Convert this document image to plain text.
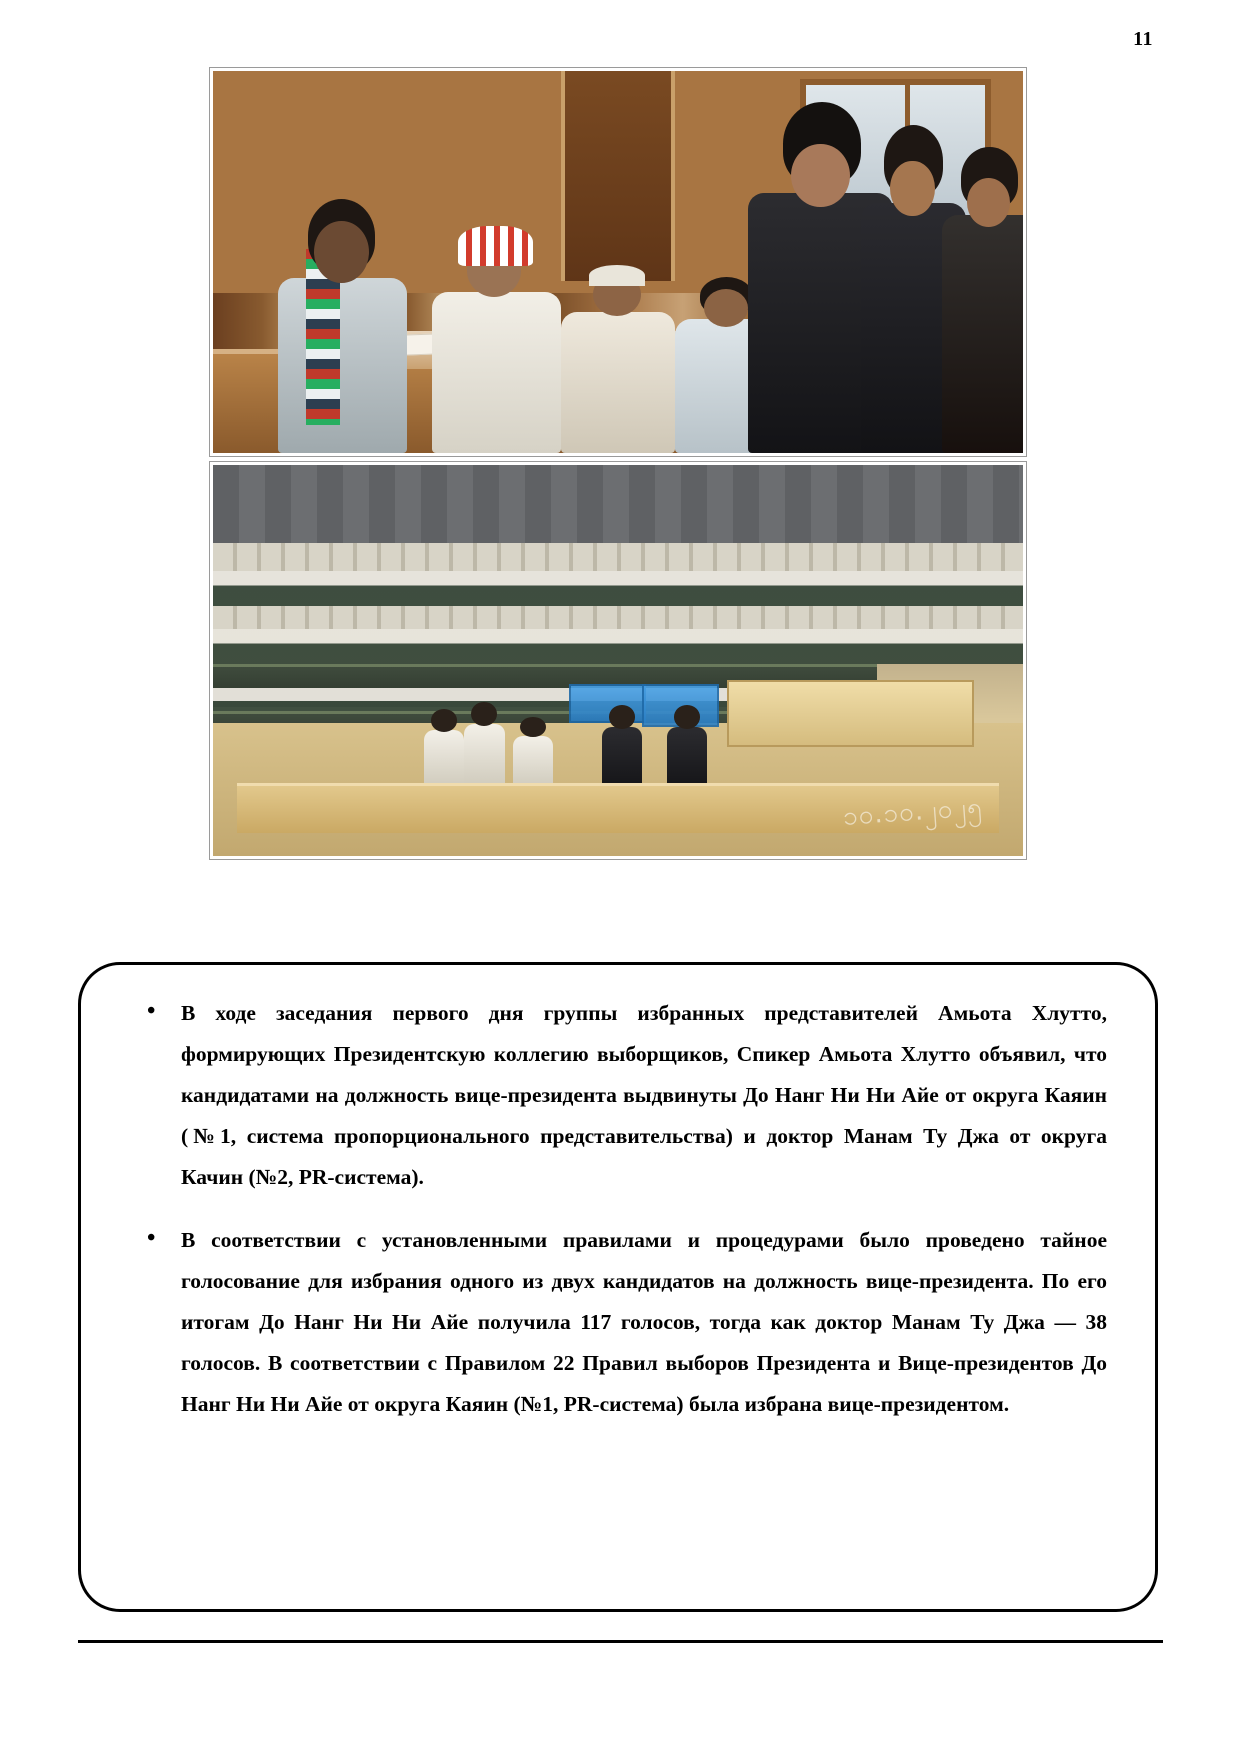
11
၁၀.၁၀.၂၀၂၅
• В ходе заседания первого дня группы избранных представителей Амьота Хлутто, формирующих Президентскую коллегию выборщиков, Спикер Амьота Хлутто объявил, что кандидатами на должность вице-президента выдвинуты До Нанг Ни Ни Айе от округа Каяин (№1, система пропорционального представительства) и доктор Манам Ту Джа от округа Качин (№2, PR-система).
• В соответствии с установленными правилами и процедурами было проведено тайное голосование для избрания одного из двух кандидатов на должность вице-президента. По его итогам До Нанг Ни Ни Айе получила 117 голосов, тогда как доктор Манам Ту Джа — 38 голосов. В соответствии с Правилом 22 Правил выборов Президента и Вице-президентов До Нанг Ни Ни Айе от округа Каяин (№1, PR-система) была избрана вице-президентом.
